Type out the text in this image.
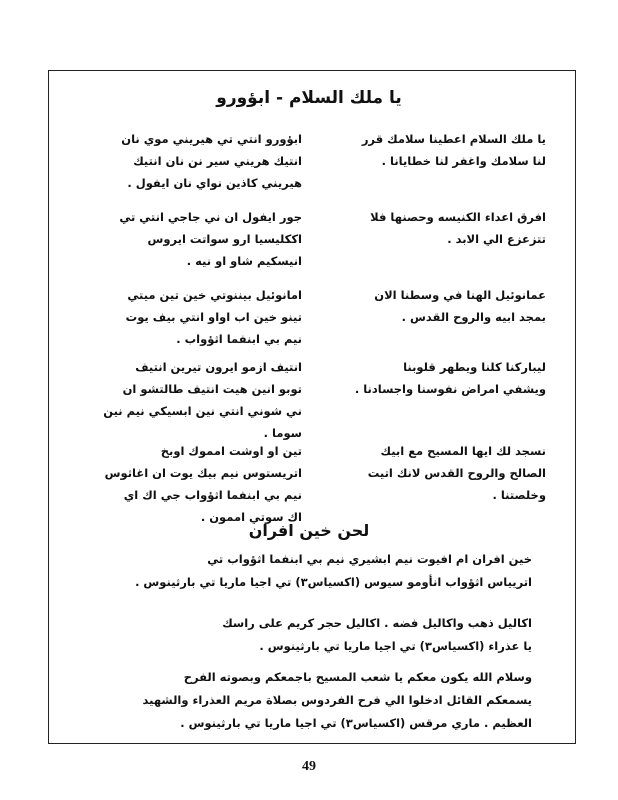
يا ملك السلام - ابؤورو
يا ملك السلام اعطينا سلامك قرر
لنا سلامك واغفر لنا خطايانا .
افرق اعداء الكنيسه وحصنها فلا
تتزعزع الي الابد .
عمانوئيل الهنا في وسطنا الان
بمجد ابيه والروح القدس .
ليباركنا كلنا ويطهر قلوبنا
ويشفي امراض نفوسنا واجسادنا .
نسجد لك ايها المسيح مع ابيك
الصالح والروح القدس لانك اتيت
وخلصتنا .
ابؤورو انتي تي هيريني موي نان
انتيك هريني سير نن نان انتيك
هيريني كاذين نواي نان ايفول .
جور ايفول ان ني جاجي انتي تي
اككليسيا ارو سواتت ايروس
انيسكيم شاو او نيه .
امانوئيل بيننوتي خين تين ميتي
تينو خين اب اواو انتي بيف يوت
نيم بي ابنفما اثؤواب .
انتيف ازمو ايرون تيرين انتيف
توبو انين هيت انتيف طالتشو ان
ني شوني انتي نين ابسيكي نيم نين
سوما .
تين او اوشت امموك اوبخ
اتريستوس نيم بيك يوت ان اغاثوس
نيم بي ابنفما اثؤواب جي اك اي
اك سوتي اممون .
لحن خين افران
خين افران ام افيوت نيم ابشيري نيم بي ابنفما اثؤواب تي
اتريياس اثؤواب انأومو سيوس (اكسياس٣) تي اجيا ماريا تي بارثينوس .
اكاليل ذهب واكاليل فضه . اكاليل حجر كريم على راسك
يا عذراء (اكسياس٣) تي اجيا ماريا تي بارثينوس .
وسلام الله يكون معكم يا شعب المسيح باجمعكم وبصوته الفرح
يسمعكم القائل ادخلوا الي فرح الفردوس بصلاة مريم العذراء والشهيد
العظيم . ماري مرقس (اكسياس٣) تي اجيا ماريا تي بارثينوس .
49
